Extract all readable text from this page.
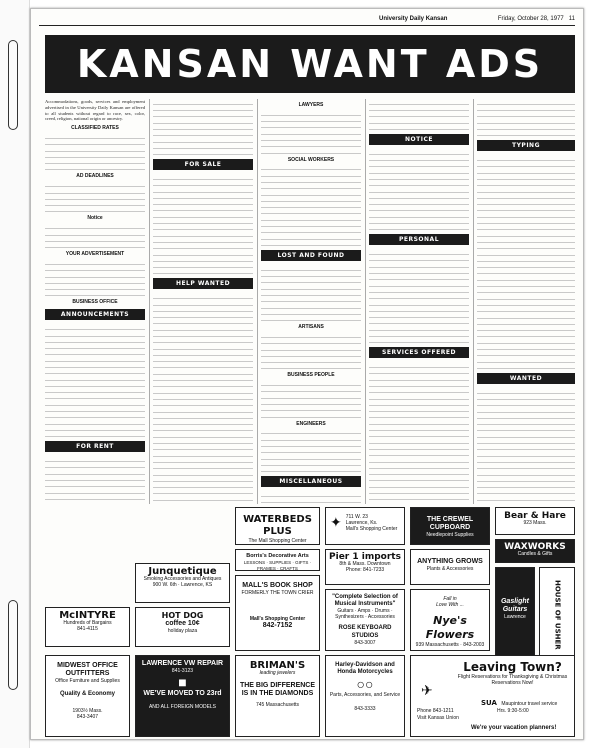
University Daily Kansan	Friday, October 28, 1977 11
KANSAN WANT ADS

Accommodations, goods, services and employment advertised in the University Daily Kansan are offered to all students without regard to race, sex, color, creed, religion, national origin or ancestry.

CLASSIFIED RATES
AD DEADLINES
Notice
YOUR ADVERTISEMENT
BUSINESS OFFICE
ANNOUNCEMENTS
FOR RENT
FOR SALE
HELP WANTED
LAWYERS
SOCIAL WORKERS
LOST AND FOUND
ARTISANS
BUSINESS PEOPLE
ENGINEERS
MISCELLANEOUS
NOTICE
PERSONAL
SERVICES OFFERED
TYPING
WANTED
WATERBEDS PLUS
The Mall Shopping Center
✦ 711 W. 23
Lawrence, Ks.
Mall's Shopping Center
THE CREWEL CUPBOARD
Needlepoint Supplies
Bear & Hare
923 Mass.
WAXWORKS
Candles & Gifts
Borris's Decorative Arts
LESSONS · SUPPLIES · GIFTS · FRAMES · CRAFTS
Pier 1 imports
8th & Mass. Downtown
Phone: 841-7233
ANYTHING GROWS
Plants & Accessories
Gaslight Guitars
Lawrence	HOUSE OF USHER
Junquetique
Smoking Accessories and Antiques
900 W. 6th · Lawrence, KS	MALL'S BOOK SHOP
FORMERLY THE TOWN CRIER
Mall's Shopping Center
842-7152
"Complete Selection of Musical Instruments"
Guitars · Amps · Drums · Synthesizers · Accessories
ROSE KEYBOARD STUDIOS
843-3007
Fall in
Love With ...
Nye's Flowers
939 Massachusetts · 843-2003
McINTYRE
Hundreds of Bargains
841-4115
HOT DOG
coffee 10¢
holiday plaza
MIDWEST OFFICE OUTFITTERS
Office Furniture and Supplies
Quality & Economy
1903½ Mass.
843-3407
LAWRENCE VW REPAIR
841-3123
■
WE'VE MOVED TO 23rd
AND ALL FOREIGN MODELS
BRIMAN'S
leading jewelers
THE BIG DIFFERENCE IS IN THE DIAMONDS
745 Massachusetts
Harley-Davidson and Honda Motorcycles
○○
Parts, Accessories, and Service
843-3333
Leaving Town?
Flight Reservations for Thanksgiving & Christmas Reservations Now!
✈
SUA Maupintour travel service
Phone 843-1211
Visit Kansas Union
Hrs. 9:30-5:00
We're your vacation planners!
